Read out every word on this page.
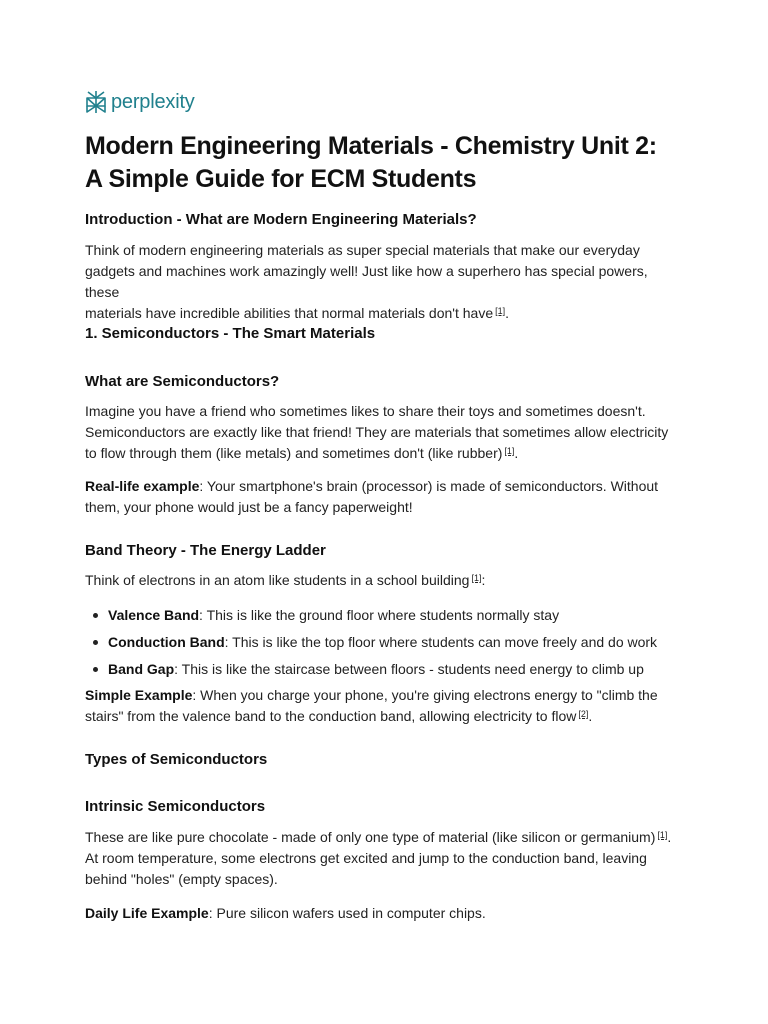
perplexity
Modern Engineering Materials - Chemistry Unit 2:
A Simple Guide for ECM Students
Introduction - What are Modern Engineering Materials?

Think of modern engineering materials as super special materials that make our everyday
gadgets and machines work amazingly well! Just like how a superhero has special powers, these
materials have incredible abilities that normal materials don't have [1].

1. Semiconductors - The Smart Materials
What are Semiconductors?

Imagine you have a friend who sometimes likes to share their toys and sometimes doesn't.
Semiconductors are exactly like that friend! They are materials that sometimes allow electricity
to flow through them (like metals) and sometimes don't (like rubber) [1].

Real-life example: Your smartphone's brain (processor) is made of semiconductors. Without
them, your phone would just be a fancy paperweight!

Band Theory - The Energy Ladder

Think of electrons in an atom like students in a school building [1]:

Valence Band: This is like the ground floor where students normally stay
Conduction Band: This is like the top floor where students can move freely and do work
Band Gap: This is like the staircase between floors - students need energy to climb up

Simple Example: When you charge your phone, you're giving electrons energy to "climb the
stairs" from the valence band to the conduction band, allowing electricity to flow [2].

Types of Semiconductors
Intrinsic Semiconductors

These are like pure chocolate - made of only one type of material (like silicon or germanium) [1].
At room temperature, some electrons get excited and jump to the conduction band, leaving
behind "holes" (empty spaces).

Daily Life Example: Pure silicon wafers used in computer chips.
